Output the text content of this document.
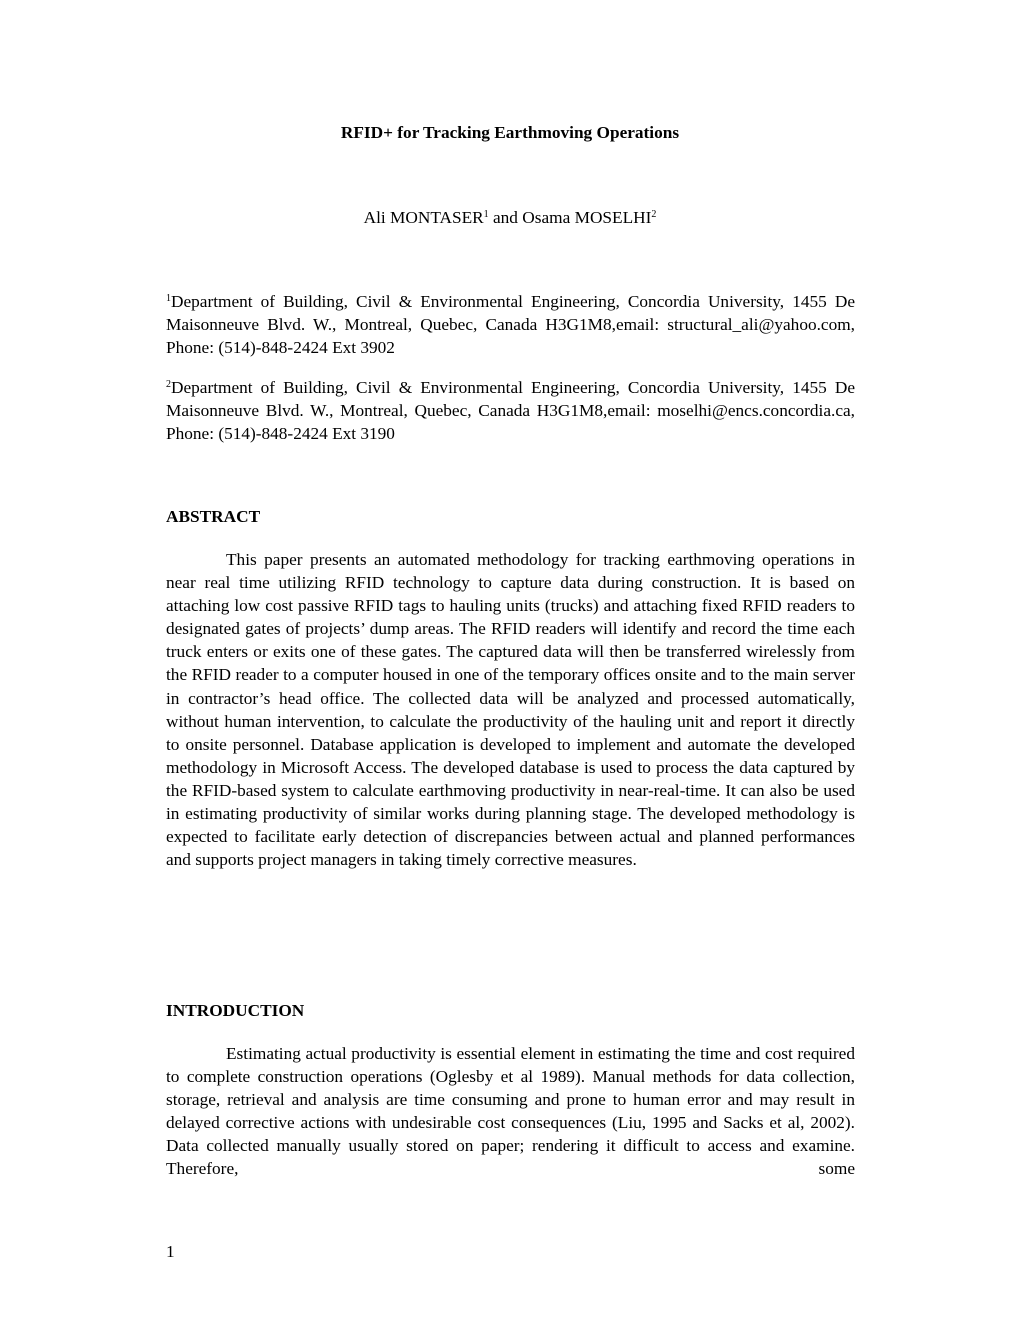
RFID+ for Tracking Earthmoving Operations
Ali MONTASER$^1$ and Osama MOSELHI$^2$
$^1$Department of Building, Civil & Environmental Engineering, Concordia University, 1455 De Maisonneuve Blvd. W., Montreal, Quebec, Canada H3G1M8,email: structural_ali@yahoo.com, Phone: (514)-848-2424 Ext 3902
$^2$Department of Building, Civil & Environmental Engineering, Concordia University, 1455 De Maisonneuve Blvd. W., Montreal, Quebec, Canada H3G1M8,email: moselhi@encs.concordia.ca, Phone: (514)-848-2424 Ext 3190
ABSTRACT
This paper presents an automated methodology for tracking earthmoving operations in near real time utilizing RFID technology to capture data during construction. It is based on attaching low cost passive RFID tags to hauling units (trucks) and attaching fixed RFID readers to designated gates of projects’ dump areas. The RFID readers will identify and record the time each truck enters or exits one of these gates. The captured data will then be transferred wirelessly from the RFID reader to a computer housed in one of the temporary offices onsite and to the main server in contractor’s head office. The collected data will be analyzed and processed automatically, without human intervention, to calculate the productivity of the hauling unit and report it directly to onsite personnel. Database application is developed to implement and automate the developed methodology in Microsoft Access. The developed database is used to process the data captured by the RFID-based system to calculate earthmoving productivity in near-real-time. It can also be used in estimating productivity of similar works during planning stage. The developed methodology is expected to facilitate early detection of discrepancies between actual and planned performances and supports project managers in taking timely corrective measures.
INTRODUCTION
Estimating actual productivity is essential element in estimating the time and cost required to complete construction operations (Oglesby et al 1989). Manual methods for data collection, storage, retrieval and analysis are time consuming and prone to human error and may result in delayed corrective actions with undesirable cost consequences (Liu, 1995 and Sacks et al, 2002). Data collected manually usually stored on paper; rendering it difficult to access and examine. Therefore, some
1
